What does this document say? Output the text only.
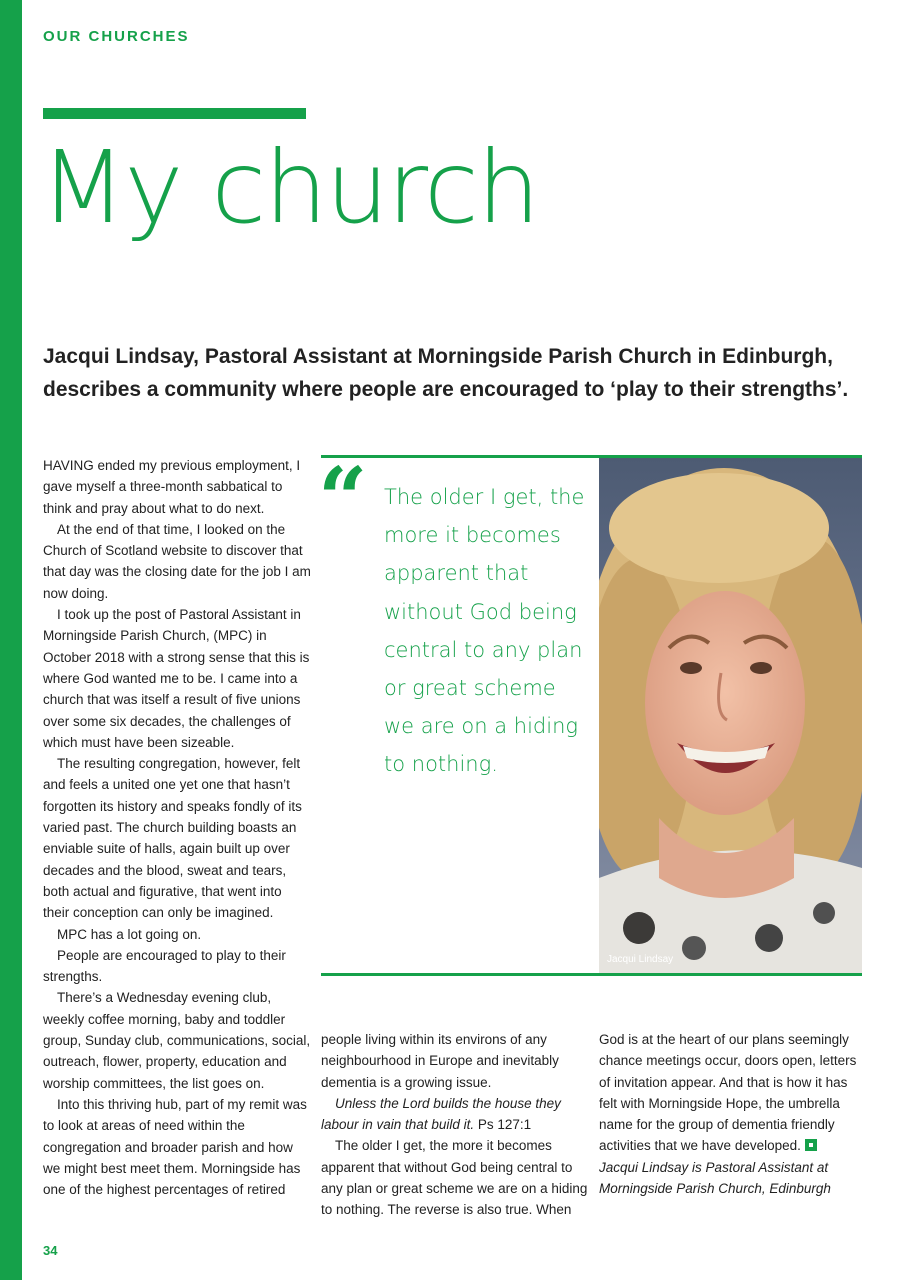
OUR CHURCHES

My church

Jacqui Lindsay, Pastoral Assistant at Morningside Parish Church in Edinburgh, describes a community where people are encouraged to ‘play to their strengths’.

HAVING ended my previous employment, I gave myself a three-month sabbatical to think and pray about what to do next.

At the end of that time, I looked on the Church of Scotland website to discover that that day was the closing date for the job I am now doing.

I took up the post of Pastoral Assistant in Morningside Parish Church, (MPC) in October 2018 with a strong sense that this is where God wanted me to be. I came into a church that was itself a result of five unions over some six decades, the challenges of which must have been sizeable.

The resulting congregation, however, felt and feels a united one yet one that hasn’t forgotten its history and speaks fondly of its varied past. The church building boasts an enviable suite of halls, again built up over decades and the blood, sweat and tears, both actual and figurative, that went into their conception can only be imagined.

MPC has a lot going on.

People are encouraged to play to their strengths.

There’s a Wednesday evening club, weekly coffee morning, baby and toddler group, Sunday club, communications, social, outreach, flower, property, education and worship committees, the list goes on.

Into this thriving hub, part of my remit was to look at areas of need within the congregation and broader parish and how we might best meet them. Morningside has one of the highest percentages of retired

“ The older I get, the more it becomes apparent that without God being central to any plan or great scheme we are on a hiding to nothing.

Jacqui Lindsay

people living within its environs of any neighbourhood in Europe and inevitably dementia is a growing issue.

Unless the Lord builds the house they labour in vain that build it. Ps 127:1

The older I get, the more it becomes apparent that without God being central to any plan or great scheme we are on a hiding to nothing. The reverse is also true. When

God is at the heart of our plans seemingly chance meetings occur, doors open, letters of invitation appear. And that is how it has felt with Morningside Hope, the umbrella name for the group of dementia friendly activities that we have developed.

Jacqui Lindsay is Pastoral Assistant at Morningside Parish Church, Edinburgh

34
